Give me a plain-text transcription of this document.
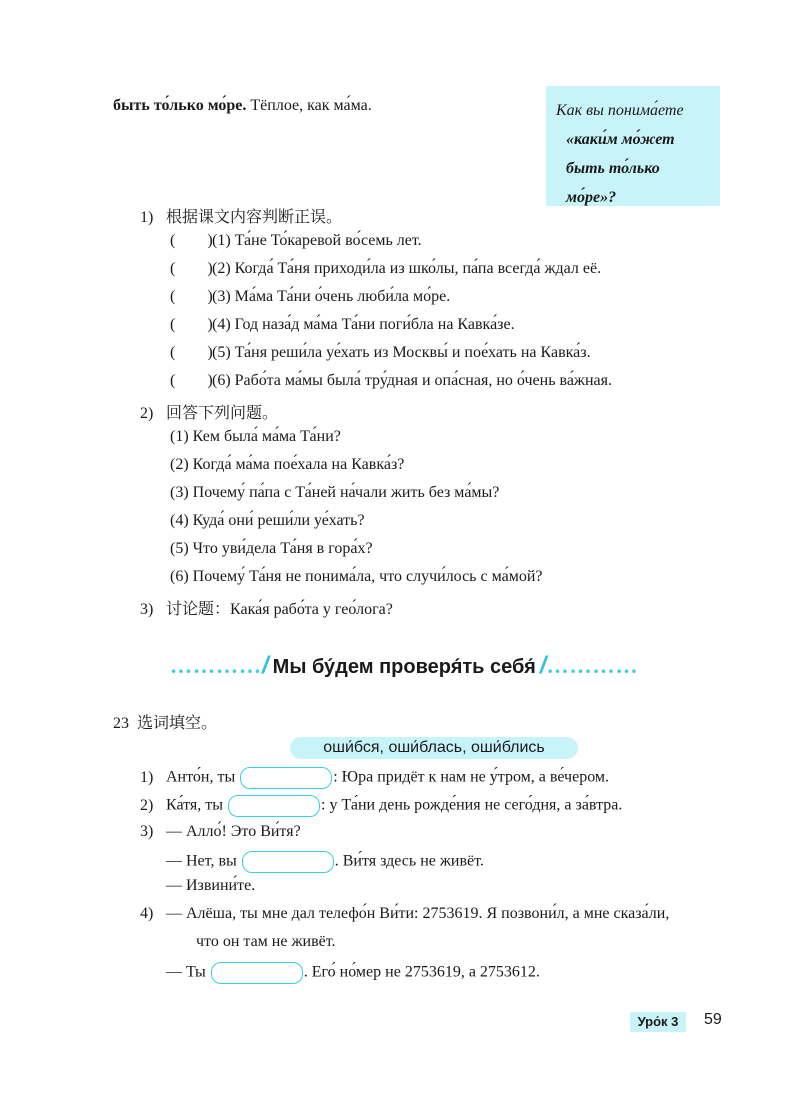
быть то́лько мо́ре. Тёплое, как ма́ма.	Как вы понима́ете
«каки́м мо́жет
быть то́лько
мо́ре»?
1) 根据课文内容判断正误。
(  )(1) Та́не То́каревой во́семь лет.
(  )(2) Когда́ Та́ня приходи́ла из шко́лы, па́па всегда́ ждал её.
(  )(3) Ма́ма Та́ни о́чень люби́ла мо́ре.
(  )(4) Год наза́д ма́ма Та́ни поги́бла на Кавка́зе.
(  )(5) Та́ня реши́ла уе́хать из Москвы́ и пое́хать на Кавка́з.
(  )(6) Рабо́та ма́мы была́ тру́дная и опа́сная, но о́чень ва́жная.
2) 回答下列问题。
(1) Кем была́ ма́ма Та́ни?
(2) Когда́ ма́ма пое́хала на Кавка́з?
(3) Почему́ па́па с Та́ней на́чали жить без ма́мы?
(4) Куда́ они́ реши́ли уе́хать?
(5) Что уви́дела Та́ня в гора́х?
(6) Почему́ Та́ня не понима́ла, что случи́лось с ма́мой?
3) 讨论题：Кака́я рабо́та у гео́лога?
…………/ Мы бу́дем проверя́ть себя́ /…………
23 选词填空。
оши́бся, оши́блась, оши́блись
1) Анто́н, ты	: Юра придёт к нам не у́тром, а ве́чером.
2) Ка́тя, ты	: у Та́ни день рожде́ния не сего́дня, а за́втра.
3) — Алло́! Это Ви́тя?
— Нет, вы	. Ви́тя здесь не живёт.
— Извини́те.
4) — Алёша, ты мне дал телефо́н Ви́ти: 2753619. Я позвони́л, а мне сказа́ли,
что он там не живёт.
— Ты	. Его́ но́мер не 2753619, а 2753612.
Уро́к 3	59
